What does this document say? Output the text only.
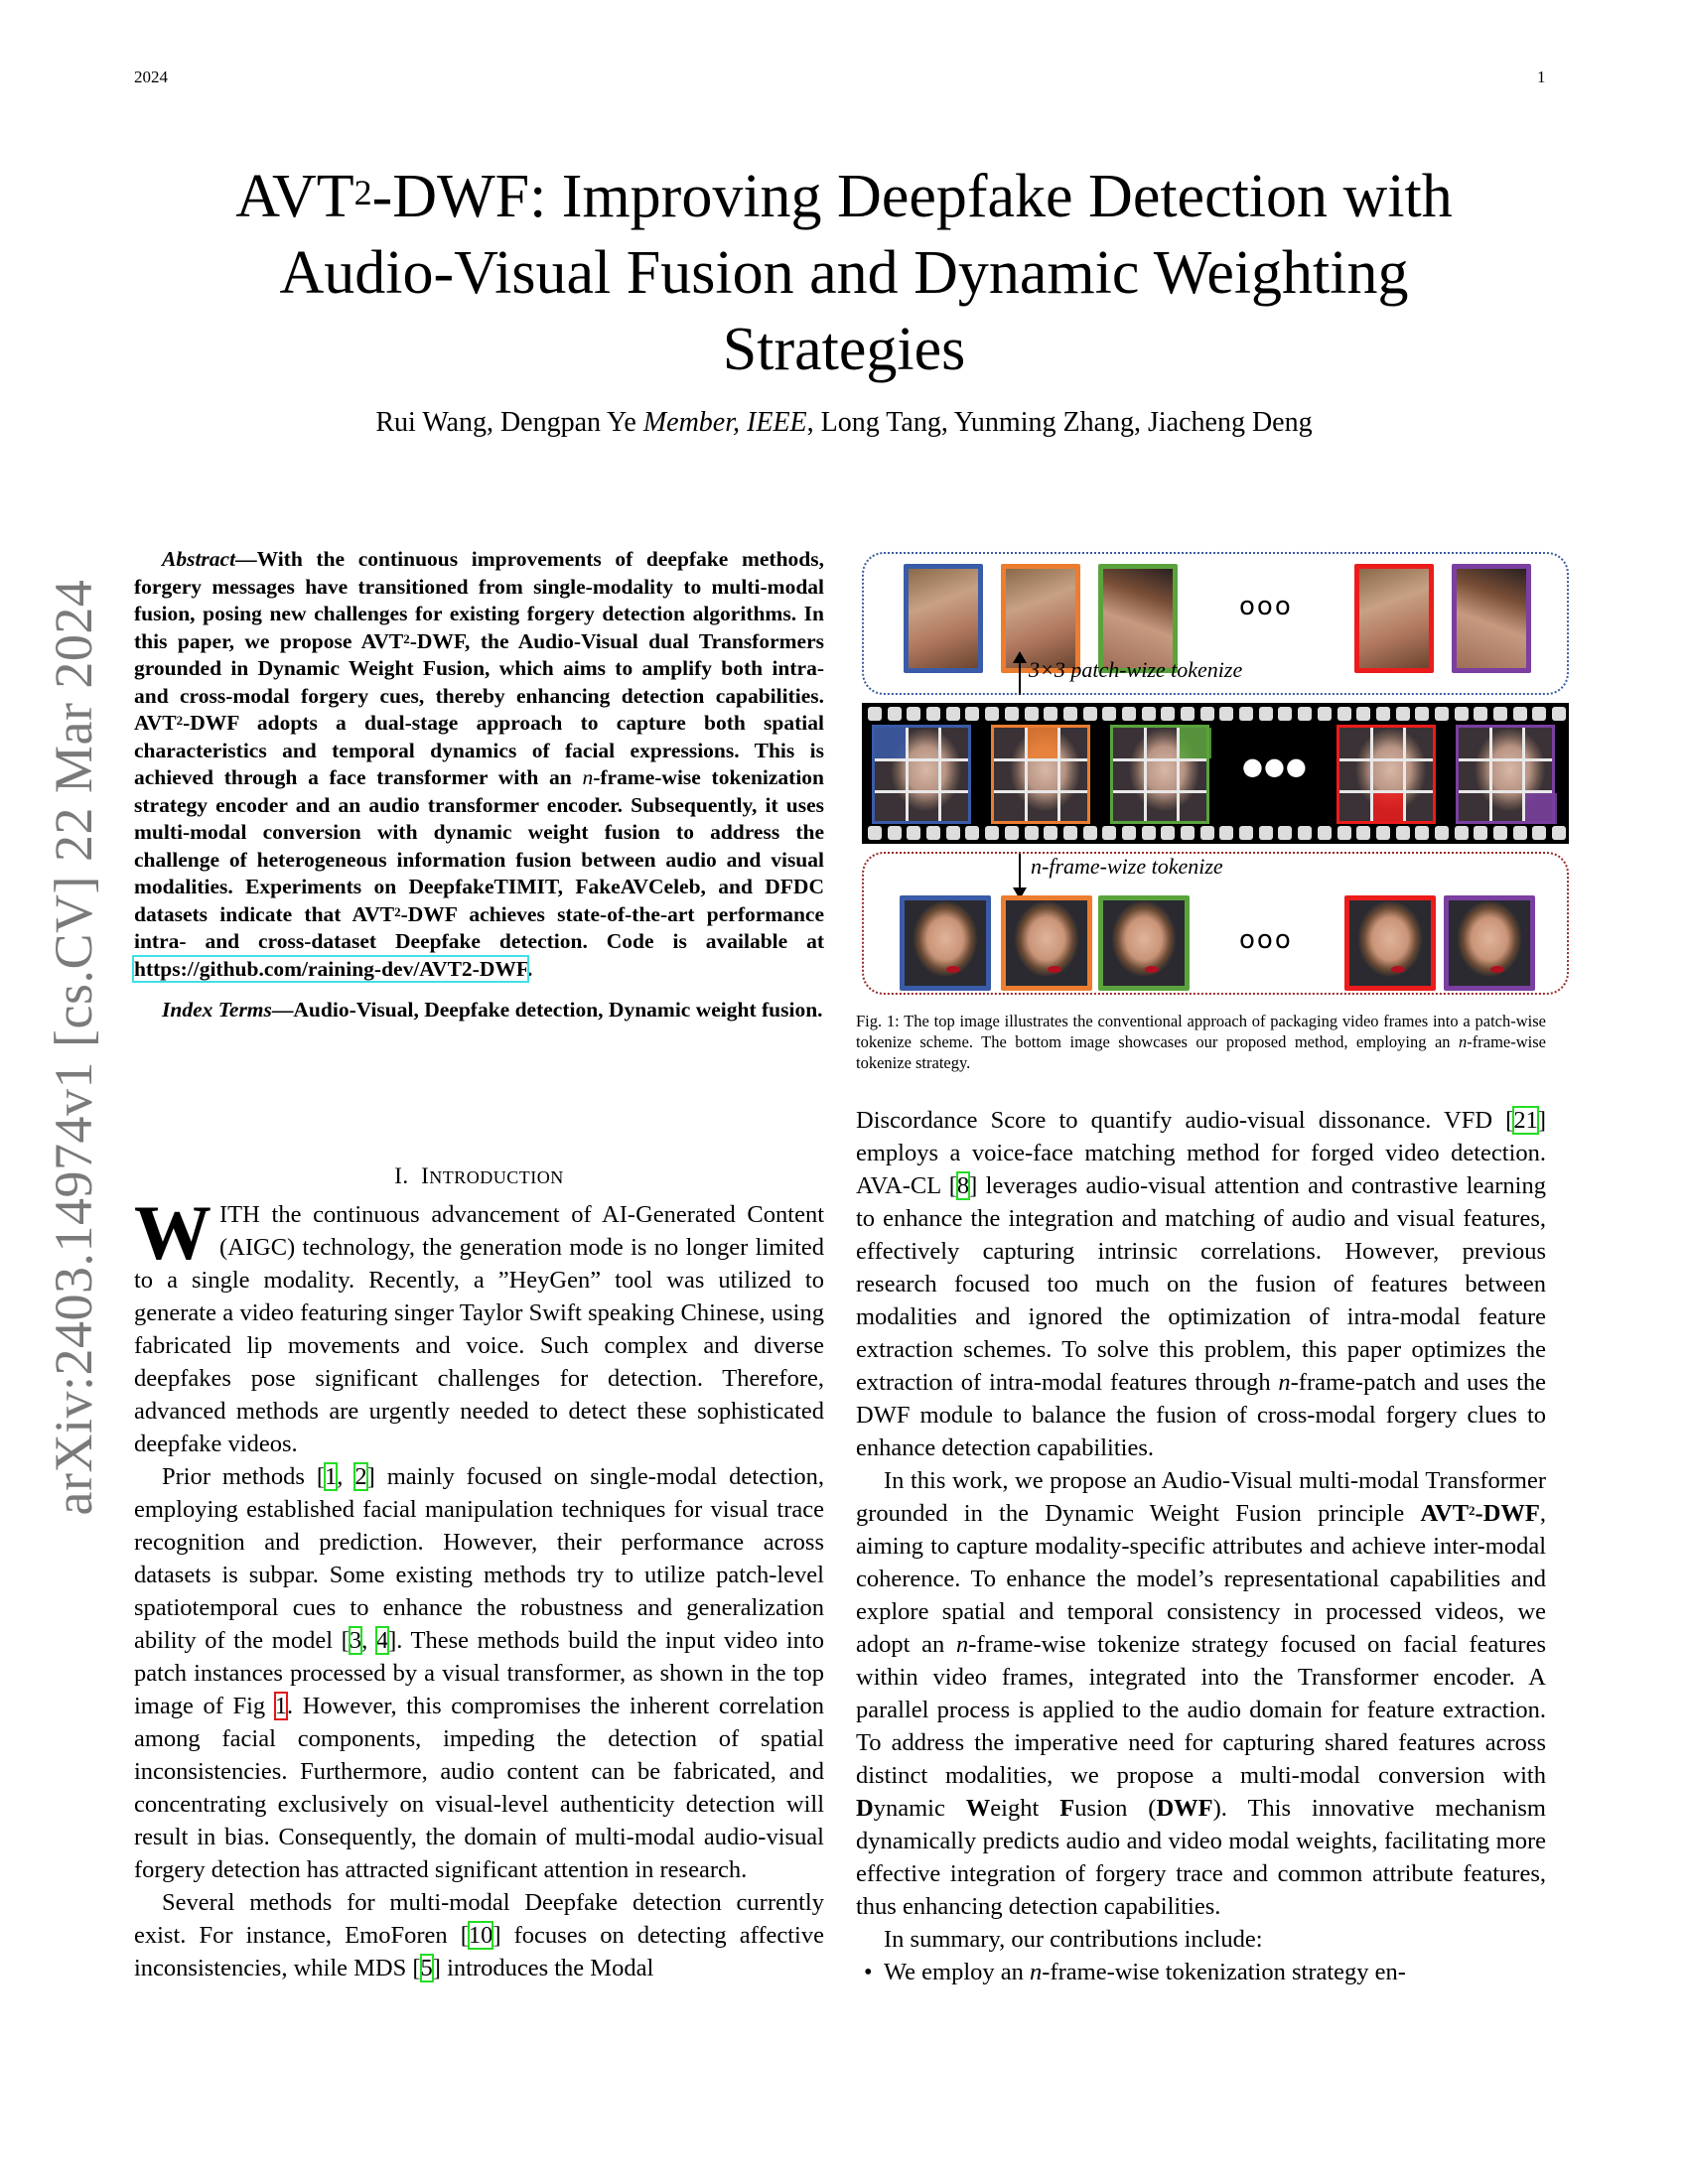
2024	1
arXiv:2403.14974v1 [cs.CV] 22 Mar 2024
AVT$^2$-DWF: Improving Deepfake Detection with
Audio-Visual Fusion and Dynamic Weighting
Strategies
Rui Wang, Dengpan Ye Member, IEEE, Long Tang, Yunming Zhang, Jiacheng Deng

Abstract—With the continuous improvements of deepfake methods, forgery messages have transitioned from single-modality to multi-modal fusion, posing new challenges for existing forgery detection algorithms. In this paper, we propose AVT$^2$-DWF, the Audio-Visual dual Transformers grounded in Dynamic Weight Fusion, which aims to amplify both intra- and cross-modal forgery cues, thereby enhancing detection capabilities. AVT$^2$-DWF adopts a dual-stage approach to capture both spatial characteristics and temporal dynamics of facial expressions. This is achieved through a face transformer with an n-frame-wise tokenization strategy encoder and an audio transformer encoder. Subsequently, it uses multi-modal conversion with dynamic weight fusion to address the challenge of heterogeneous information fusion between audio and visual modalities. Experiments on DeepfakeTIMIT, FakeAVCeleb, and DFDC datasets indicate that AVT$^2$-DWF achieves state-of-the-art performance intra- and cross-dataset Deepfake detection. Code is available at https://github.com/raining-dev/AVT2-DWF.

Index Terms—Audio-Visual, Deepfake detection, Dynamic weight fusion.

I. INTRODUCTION

WITH the continuous advancement of AI-Generated Content (AIGC) technology, the generation mode is no longer limited to a single modality. Recently, a ”HeyGen” tool was utilized to generate a video featuring singer Taylor Swift speaking Chinese, using fabricated lip movements and voice. Such complex and diverse deepfakes pose significant challenges for detection. Therefore, advanced methods are urgently needed to detect these sophisticated deepfake videos.

Prior methods [1, 2] mainly focused on single-modal detection, employing established facial manipulation techniques for visual trace recognition and prediction. However, their performance across datasets is subpar. Some existing methods try to utilize patch-level spatiotemporal cues to enhance the robustness and generalization ability of the model [3, 4]. These methods build the input video into patch instances processed by a visual transformer, as shown in the top image of Fig 1. However, this compromises the inherent correlation among facial components, impeding the detection of spatial inconsistencies. Furthermore, audio content can be fabricated, and concentrating exclusively on visual-level authenticity detection will result in bias. Consequently, the domain of multi-modal audio-visual forgery detection has attracted significant attention in research.

Several methods for multi-modal Deepfake detection currently exist. For instance, EmoForen [10] focuses on detecting affective inconsistencies, while MDS [5] introduces the Modal

ooo
3×3 patch-wize tokenize
●●●
n-frame-wize tokenize
ooo
Fig. 1: The top image illustrates the conventional approach of packaging video frames into a patch-wise tokenize scheme. The bottom image showcases our proposed method, employing an n-frame-wise tokenize strategy.

Discordance Score to quantify audio-visual dissonance. VFD [21] employs a voice-face matching method for forged video detection. AVA-CL [8] leverages audio-visual attention and contrastive learning to enhance the integration and matching of audio and visual features, effectively capturing intrinsic correlations. However, previous research focused too much on the fusion of features between modalities and ignored the optimization of intra-modal feature extraction schemes. To solve this problem, this paper optimizes the extraction of intra-modal features through n-frame-patch and uses the DWF module to balance the fusion of cross-modal forgery clues to enhance detection capabilities.

In this work, we propose an Audio-Visual multi-modal Transformer grounded in the Dynamic Weight Fusion principle AVT$^2$-DWF, aiming to capture modality-specific attributes and achieve inter-modal coherence. To enhance the model’s representational capabilities and explore spatial and temporal consistency in processed videos, we adopt an n-frame-wise tokenize strategy focused on facial features within video frames, integrated into the Transformer encoder. A parallel process is applied to the audio domain for feature extraction. To address the imperative need for capturing shared features across distinct modalities, we propose a multi-modal conversion with Dynamic Weight Fusion (DWF). This innovative mechanism dynamically predicts audio and video modal weights, facilitating more effective integration of forgery trace and common attribute features, thus enhancing detection capabilities.

In summary, our contributions include:

• We employ an n-frame-wise tokenization strategy en-
